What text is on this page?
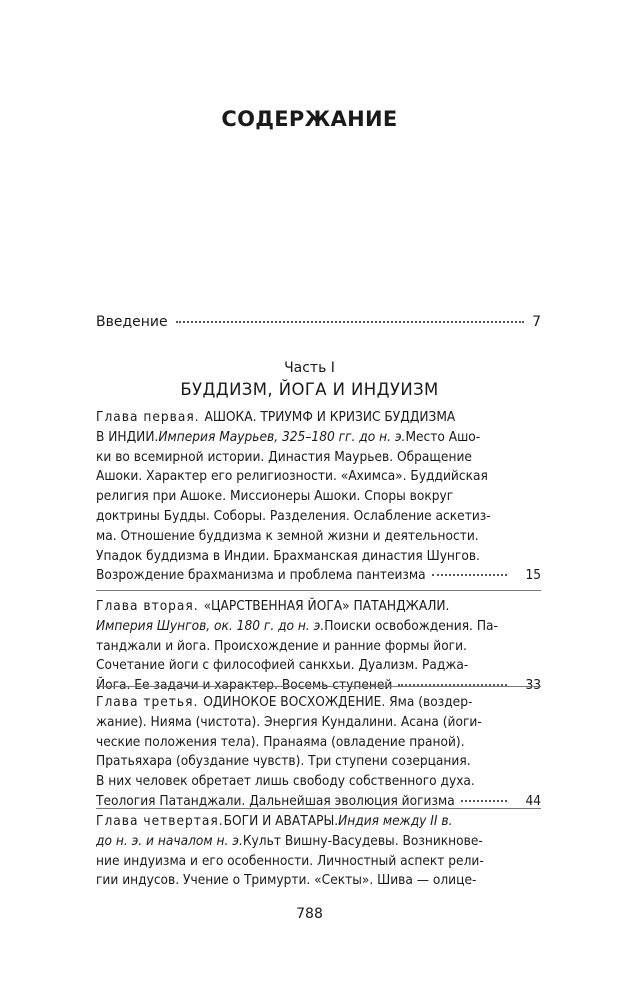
СОДЕРЖАНИЕ
Введение	7
Часть I
БУДДИЗМ, ЙОГА И ИНДУИЗМ
Глава первая. АШОКА. ТРИУМФ И КРИЗИС БУДДИЗМА
В ИНДИИ. Империя Маурьев, 325–180 гг. до н. э. Место Ашо-
ки во всемирной истории. Династия Маурьев. Обращение
Ашоки. Характер его религиозности. «Ахимса». Буддийская
религия при Ашоке. Миссионеры Ашоки. Споры вокруг
доктрины Будды. Соборы. Разделения. Ослабление аскетиз-
ма. Отношение буддизма к земной жизни и деятельности.
Упадок буддизма в Индии. Брахманская династия Шунгов.
Возрождение брахманизма и проблема пантеизма	15
Глава вторая. «ЦАРСТВЕННАЯ ЙОГА» ПАТАНДЖАЛИ.
Империя Шунгов, ок. 180 г. до н. э. Поиски освобождения. Па-
танджали и йога. Происхождение и ранние формы йоги.
Сочетание йоги с философией санкхьи. Дуализм. Раджа-
Йога. Ее задачи и характер. Восемь ступеней	33
Глава третья. ОДИНОКОЕ ВОСХОЖДЕНИЕ. Яма (воздер-
жание). Нияма (чистота). Энергия Кундалини. Асана (йоги-
ческие положения тела). Пранаяма (овладение праной).
Пратьяхара (обуздание чувств). Три ступени созерцания.
В них человек обретает лишь свободу собственного духа.
Теология Патанджали. Дальнейшая эволюция йогизма	44
Глава четвертая. БОГИ И АВАТАРЫ. Индия между II в.
до н. э. и началом н. э. Культ Вишну-Васудевы. Возникнове-
ние индуизма и его особенности. Личностный аспект рели-
гии индусов. Учение о Тримурти. «Секты». Шива — олице-
788
